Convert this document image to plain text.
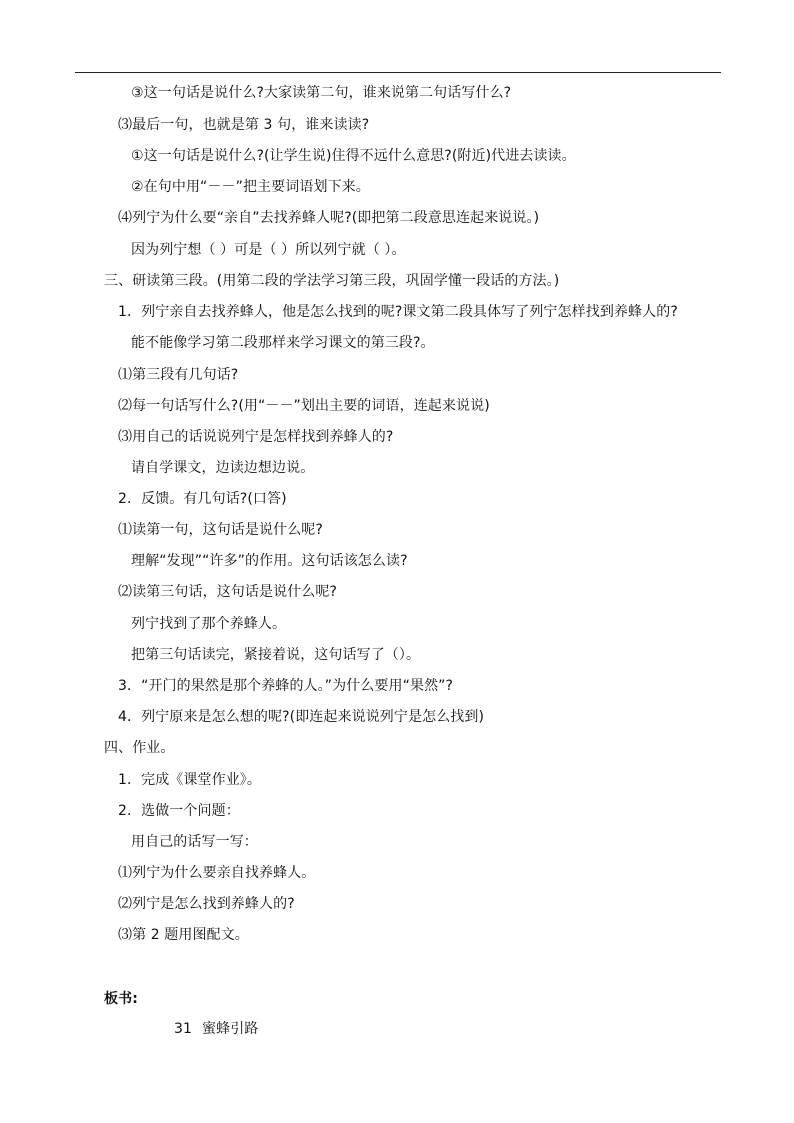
③这一句话是说什么?大家读第二句，谁来说第二句话写什么?
⑶最后一句，也就是第 3 句，谁来读读?
①这一句话是说什么?(让学生说)住得不远什么意思?(附近)代进去读读。
②在句中用“－－”把主要词语划下来。
⑷列宁为什么要“亲自”去找养蜂人呢?(即把第二段意思连起来说说。)
因为列宁想（ ）可是（ ）所以列宁就（ ）。
三、研读第三段。(用第二段的学法学习第三段，巩固学懂一段话的方法。)
1．列宁亲自去找养蜂人，他是怎么找到的呢?课文第二段具体写了列宁怎样找到养蜂人的?
能不能像学习第二段那样来学习课文的第三段?。
⑴第三段有几句话?
⑵每一句话写什么?(用“－－”划出主要的词语，连起来说说)
⑶用自己的话说说列宁是怎样找到养蜂人的?
请自学课文，边读边想边说。
2．反馈。有几句话?(口答)
⑴读第一句，这句话是说什么呢?
理解“发现”“许多”的作用。这句话该怎么读?
⑵读第三句话，这句话是说什么呢?
列宁找到了那个养蜂人。
把第三句话读完，紧接着说，这句话写了（）。
3．“开门的果然是那个养蜂的人。”为什么要用“果然”?
4．列宁原来是怎么想的呢?(即连起来说说列宁是怎么找到)
四、作业。
1．完成《课堂作业》。
2．选做一个问题：
用自己的话写一写：
⑴列宁为什么要亲自找养蜂人。
⑵列宁是怎么找到养蜂人的?
⑶第 2 题用图配文。
板书:
31 蜜蜂引路
